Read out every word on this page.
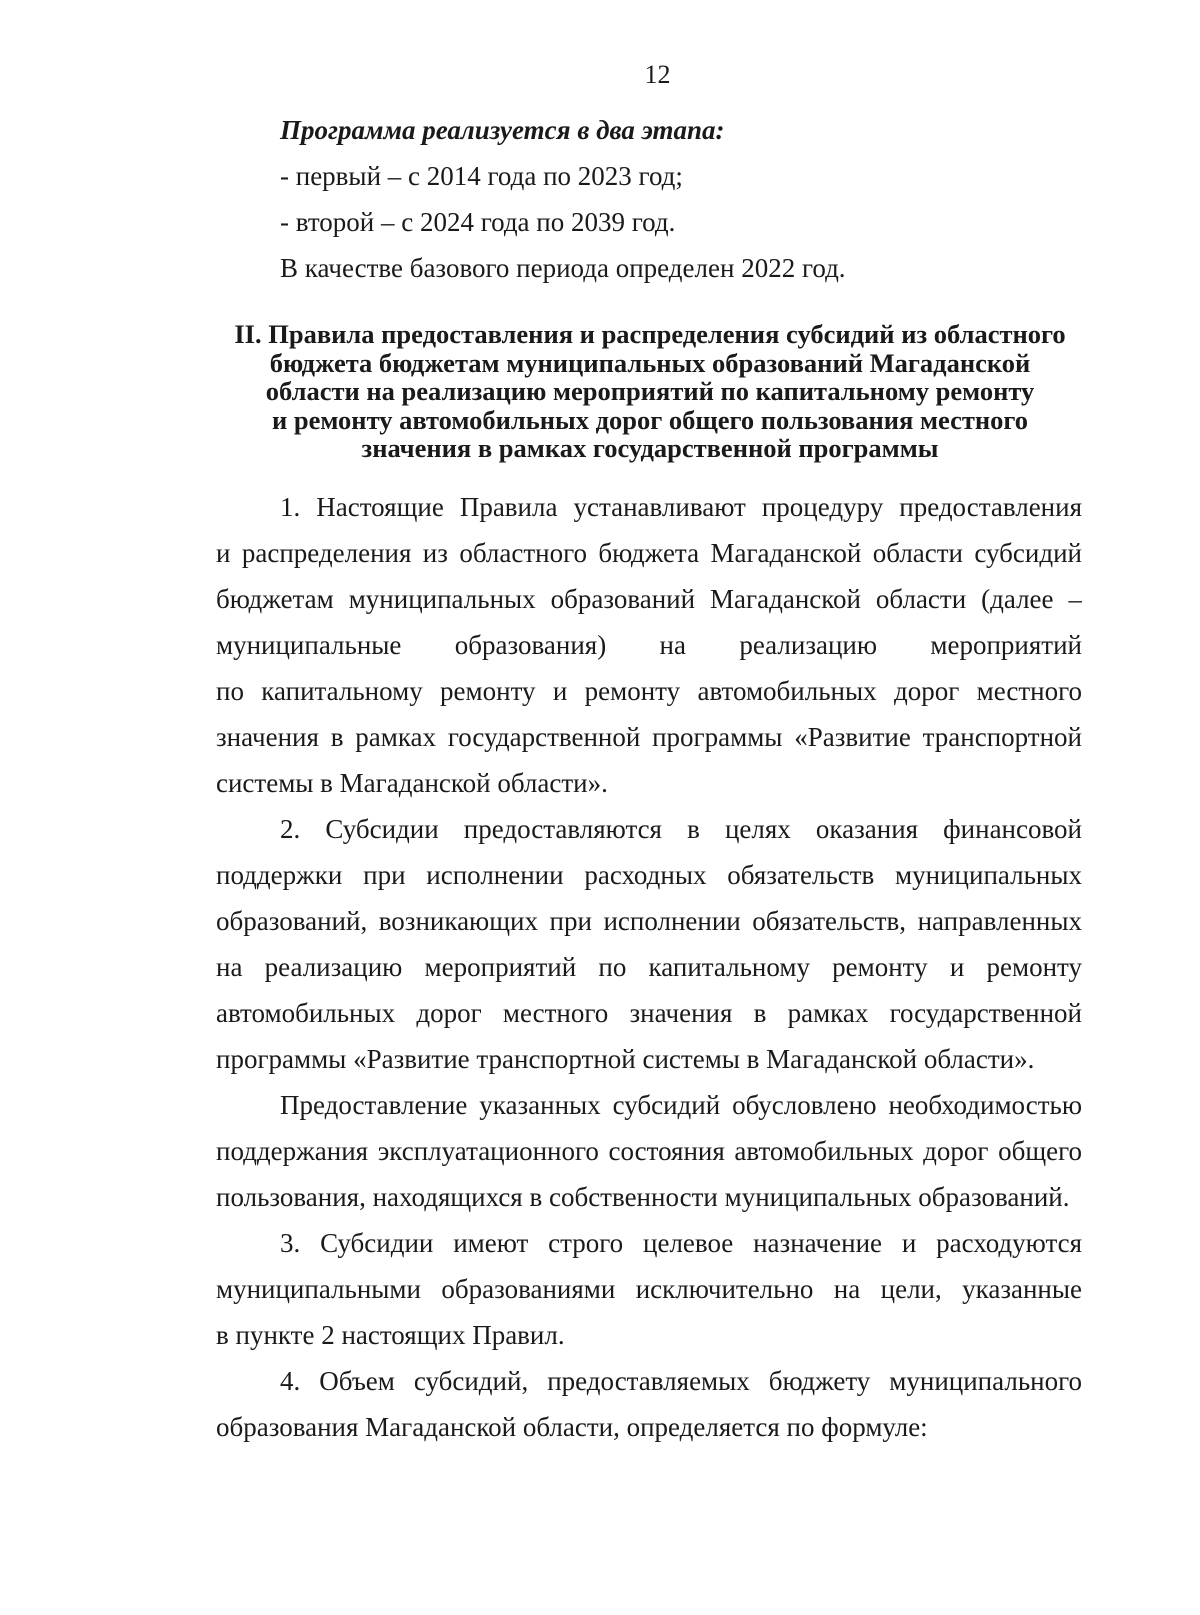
12
Программа реализуется в два этапа:
- первый – с 2014 года по 2023 год;
- второй – с 2024 года по 2039 год.
В качестве базового периода определен 2022 год.
II. Правила предоставления и распределения субсидий из областного
бюджета бюджетам муниципальных образований Магаданской
области на реализацию мероприятий по капитальному ремонту
и ремонту автомобильных дорог общего пользования местного
значения в рамках государственной программы
1. Настоящие Правила устанавливают процедуру предоставления
и распределения из областного бюджета Магаданской области субсидий
бюджетам муниципальных образований Магаданской области (далее –
муниципальные образования) на реализацию мероприятий
по капитальному ремонту и ремонту автомобильных дорог местного
значения в рамках государственной программы «Развитие транспортной
системы в Магаданской области».
2. Субсидии предоставляются в целях оказания финансовой
поддержки при исполнении расходных обязательств муниципальных
образований, возникающих при исполнении обязательств, направленных
на реализацию мероприятий по капитальному ремонту и ремонту
автомобильных дорог местного значения в рамках государственной
программы «Развитие транспортной системы в Магаданской области».
Предоставление указанных субсидий обусловлено необходимостью
поддержания эксплуатационного состояния автомобильных дорог общего
пользования, находящихся в собственности муниципальных образований.
3. Субсидии имеют строго целевое назначение и расходуются
муниципальными образованиями исключительно на цели, указанные
в пункте 2 настоящих Правил.
4. Объем субсидий, предоставляемых бюджету муниципального
образования Магаданской области, определяется по формуле:
